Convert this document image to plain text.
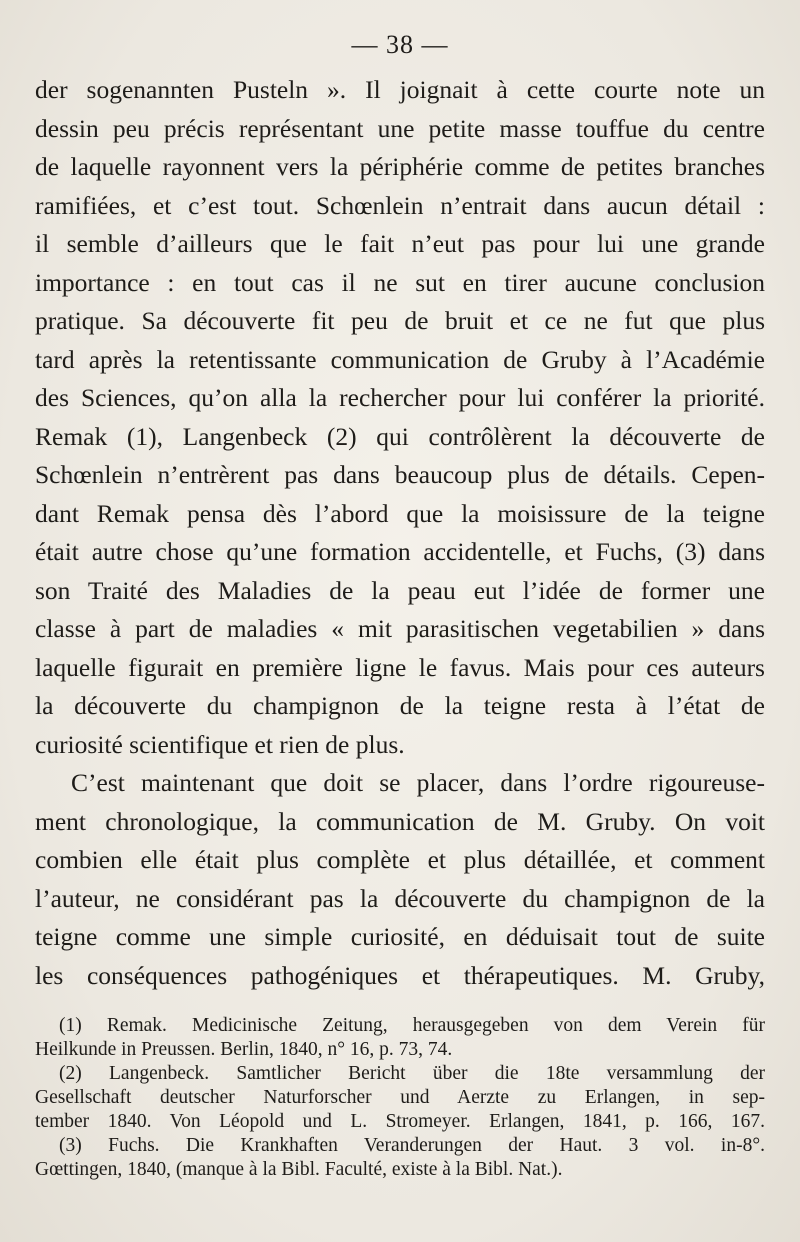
— 38 —
der sogenannten Pusteln ». Il joignait à cette courte note un
dessin peu précis représentant une petite masse touffue du centre
de laquelle rayonnent vers la périphérie comme de petites branches
ramifiées, et c’est tout. Schœnlein n’entrait dans aucun détail :
il semble d’ailleurs que le fait n’eut pas pour lui une grande
importance : en tout cas il ne sut en tirer aucune conclusion
pratique. Sa découverte fit peu de bruit et ce ne fut que plus
tard après la retentissante communication de Gruby à l’Académie
des Sciences, qu’on alla la rechercher pour lui conférer la priorité.
Remak (1), Langenbeck (2) qui contrôlèrent la découverte de
Schœnlein n’entrèrent pas dans beaucoup plus de détails. Cepen-
dant Remak pensa dès l’abord que la moisissure de la teigne
était autre chose qu’une formation accidentelle, et Fuchs, (3) dans
son Traité des Maladies de la peau eut l’idée de former une
classe à part de maladies « mit parasitischen vegetabilien » dans
laquelle figurait en première ligne le favus. Mais pour ces auteurs
la découverte du champignon de la teigne resta à l’état de
curiosité scientifique et rien de plus.
C’est maintenant que doit se placer, dans l’ordre rigoureuse-
ment chronologique, la communication de M. Gruby. On voit
combien elle était plus complète et plus détaillée, et comment
l’auteur, ne considérant pas la découverte du champignon de la
teigne comme une simple curiosité, en déduisait tout de suite
les conséquences pathogéniques et thérapeutiques. M. Gruby,
(1) Remak. Medicinische Zeitung, herausgegeben von dem Verein für
Heilkunde in Preussen. Berlin, 1840, n° 16, p. 73, 74.
(2) Langenbeck. Samtlicher Bericht über die 18te versammlung der
Gesellschaft deutscher Naturforscher und Aerzte zu Erlangen, in sep-
tember 1840. Von Léopold und L. Stromeyer. Erlangen, 1841, p. 166, 167.
(3) Fuchs. Die Krankhaften Veranderungen der Haut. 3 vol. in-8°.
Gœttingen, 1840, (manque à la Bibl. Faculté, existe à la Bibl. Nat.).
